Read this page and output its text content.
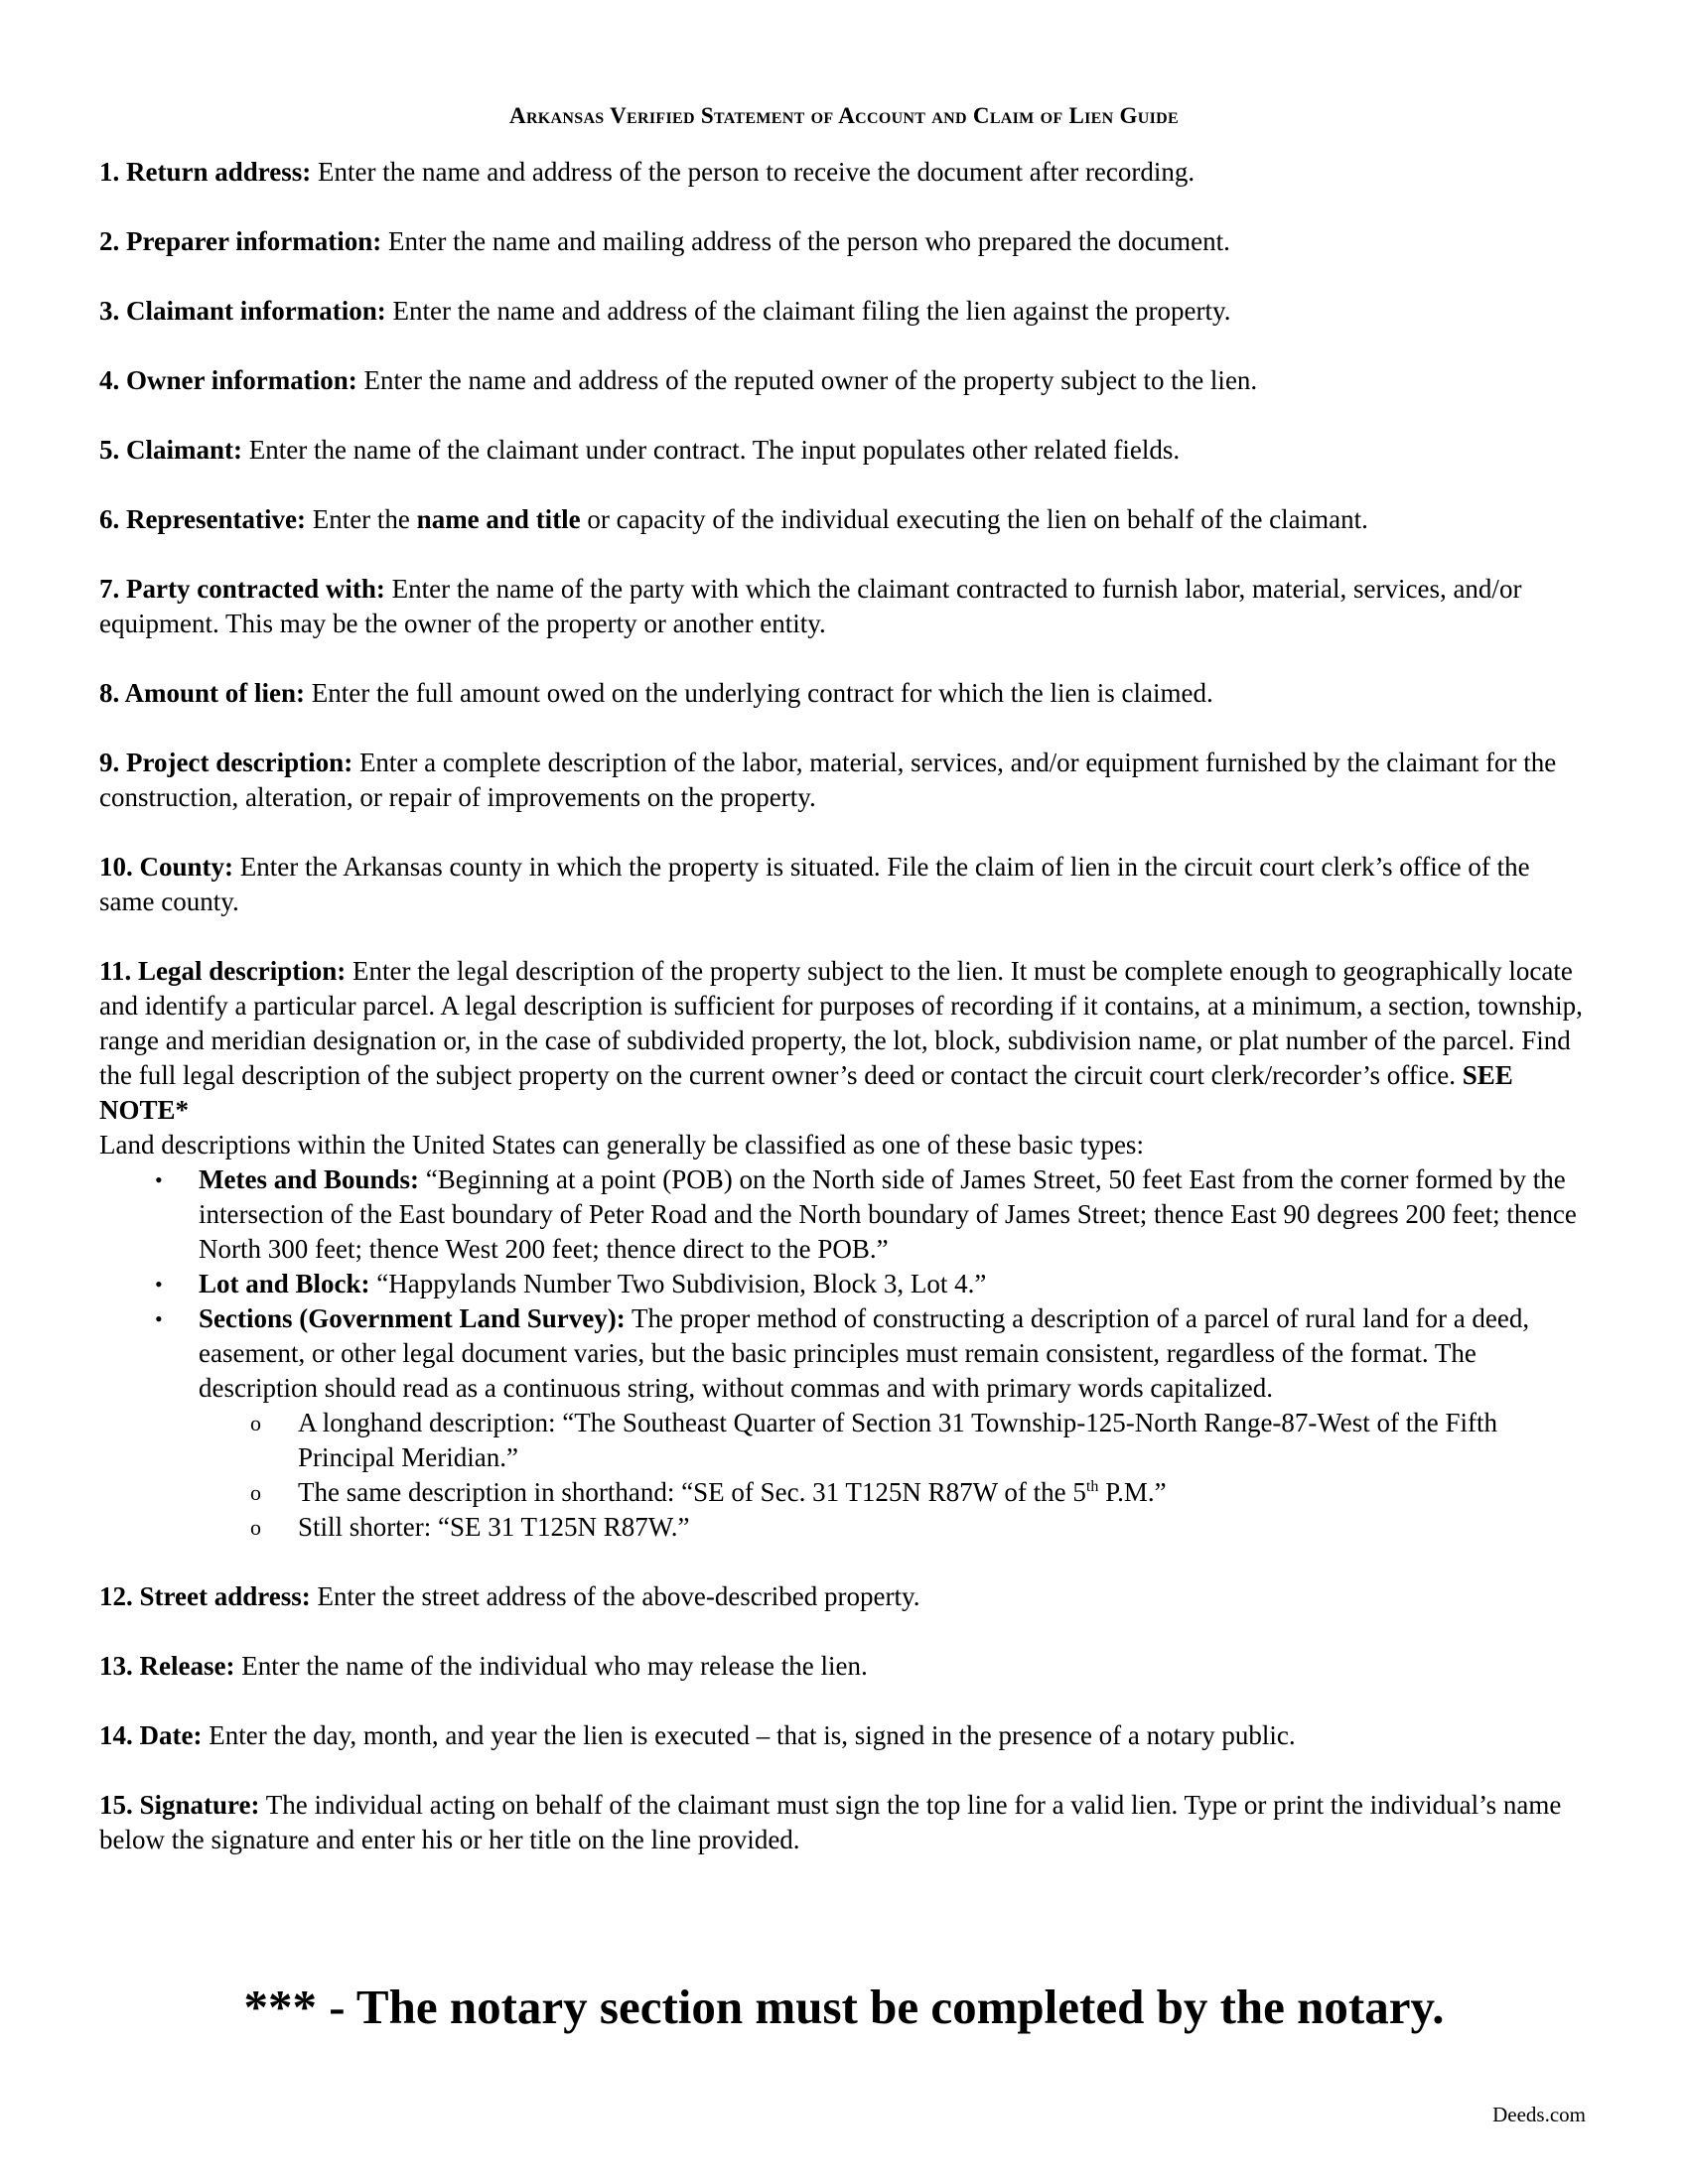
Arkansas Verified Statement of Account and Claim of Lien Guide
1. Return address: Enter the name and address of the person to receive the document after recording.
2. Preparer information: Enter the name and mailing address of the person who prepared the document.
3. Claimant information: Enter the name and address of the claimant filing the lien against the property.
4. Owner information: Enter the name and address of the reputed owner of the property subject to the lien.
5. Claimant: Enter the name of the claimant under contract. The input populates other related fields.
6. Representative: Enter the name and title or capacity of the individual executing the lien on behalf of the claimant.
7. Party contracted with: Enter the name of the party with which the claimant contracted to furnish labor, material, services, and/or equipment. This may be the owner of the property or another entity.
8. Amount of lien: Enter the full amount owed on the underlying contract for which the lien is claimed.
9. Project description: Enter a complete description of the labor, material, services, and/or equipment furnished by the claimant for the construction, alteration, or repair of improvements on the property.
10. County: Enter the Arkansas county in which the property is situated. File the claim of lien in the circuit court clerk’s office of the same county.
11. Legal description: Enter the legal description of the property subject to the lien. It must be complete enough to geographically locate and identify a particular parcel. A legal description is sufficient for purposes of recording if it contains, at a minimum, a section, township, range and meridian designation or, in the case of subdivided property, the lot, block, subdivision name, or plat number of the parcel. Find the full legal description of the subject property on the current owner’s deed or contact the circuit court clerk/recorder’s office. SEE NOTE*
Land descriptions within the United States can generally be classified as one of these basic types:
• Metes and Bounds: “Beginning at a point (POB) on the North side of James Street, 50 feet East from the corner formed by the intersection of the East boundary of Peter Road and the North boundary of James Street; thence East 90 degrees 200 feet; thence North 300 feet; thence West 200 feet; thence direct to the POB.”
• Lot and Block: “Happylands Number Two Subdivision, Block 3, Lot 4.”
• Sections (Government Land Survey): The proper method of constructing a description of a parcel of rural land for a deed, easement, or other legal document varies, but the basic principles must remain consistent, regardless of the format. The description should read as a continuous string, without commas and with primary words capitalized.
o A longhand description: “The Southeast Quarter of Section 31 Township-125-North Range-87-West of the Fifth Principal Meridian.”
o The same description in shorthand: “SE of Sec. 31 T125N R87W of the 5th P.M.”
o Still shorter: “SE 31 T125N R87W.”
12. Street address: Enter the street address of the above-described property.
13. Release: Enter the name of the individual who may release the lien.
14. Date: Enter the day, month, and year the lien is executed – that is, signed in the presence of a notary public.
15. Signature: The individual acting on behalf of the claimant must sign the top line for a valid lien. Type or print the individual’s name below the signature and enter his or her title on the line provided.
*** - The notary section must be completed by the notary.
Deeds.com
